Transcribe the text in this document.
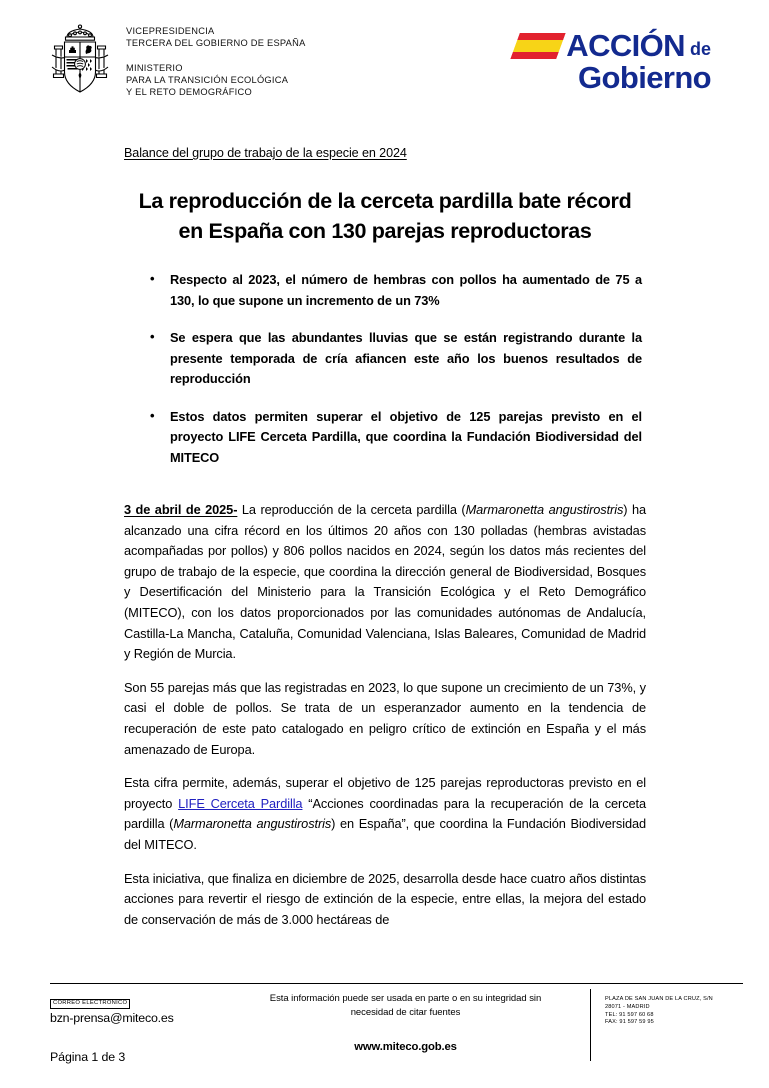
VICEPRESIDENCIA
TERCERA DEL GOBIERNO DE ESPAÑA
MINISTERIO
PARA LA TRANSICIÓN ECOLÓGICA
Y EL RETO DEMOGRÁFICO
ACCIÓN de
Gobierno
Balance del grupo de trabajo de la especie en 2024
La reproducción de la cerceta pardilla bate récord en España con 130 parejas reproductoras
• Respecto al 2023, el número de hembras con pollos ha aumentado de 75 a 130, lo que supone un incremento de un 73%
• Se espera que las abundantes lluvias que se están registrando durante la presente temporada de cría afiancen este año los buenos resultados de reproducción
• Estos datos permiten superar el objetivo de 125 parejas previsto en el proyecto LIFE Cerceta Pardilla, que coordina la Fundación Biodiversidad del MITECO

3 de abril de 2025- La reproducción de la cerceta pardilla (Marmaronetta angustirostris) ha alcanzado una cifra récord en los últimos 20 años con 130 polladas (hembras avistadas acompañadas por pollos) y 806 pollos nacidos en 2024, según los datos más recientes del grupo de trabajo de la especie, que coordina la dirección general de Biodiversidad, Bosques y Desertificación del Ministerio para la Transición Ecológica y el Reto Demográfico (MITECO), con los datos proporcionados por las comunidades autónomas de Andalucía, Castilla-La Mancha, Cataluña, Comunidad Valenciana, Islas Baleares, Comunidad de Madrid y Región de Murcia.

Son 55 parejas más que las registradas en 2023, lo que supone un crecimiento de un 73%, y casi el doble de pollos. Se trata de un esperanzador aumento en la tendencia de recuperación de este pato catalogado en peligro crítico de extinción en España y el más amenazado de Europa.

Esta cifra permite, además, superar el objetivo de 125 parejas reproductoras previsto en el proyecto LIFE Cerceta Pardilla “Acciones coordinadas para la recuperación de la cerceta pardilla (Marmaronetta angustirostris) en España”, que coordina la Fundación Biodiversidad del MITECO.

Esta iniciativa, que finaliza en diciembre de 2025, desarrolla desde hace cuatro años distintas acciones para revertir el riesgo de extinción de la especie, entre ellas, la mejora del estado de conservación de más de 3.000 hectáreas de

CORREO ELECTRÓNICO
bzn-prensa@miteco.es
Página 1 de 3
Esta información puede ser usada en parte o en su integridad sin necesidad de citar fuentes
www.miteco.gob.es
PLAZA DE SAN JUAN DE LA CRUZ, S/N
28071 - MADRID
TEL: 91 597 60 68
FAX: 91 597 59 95
